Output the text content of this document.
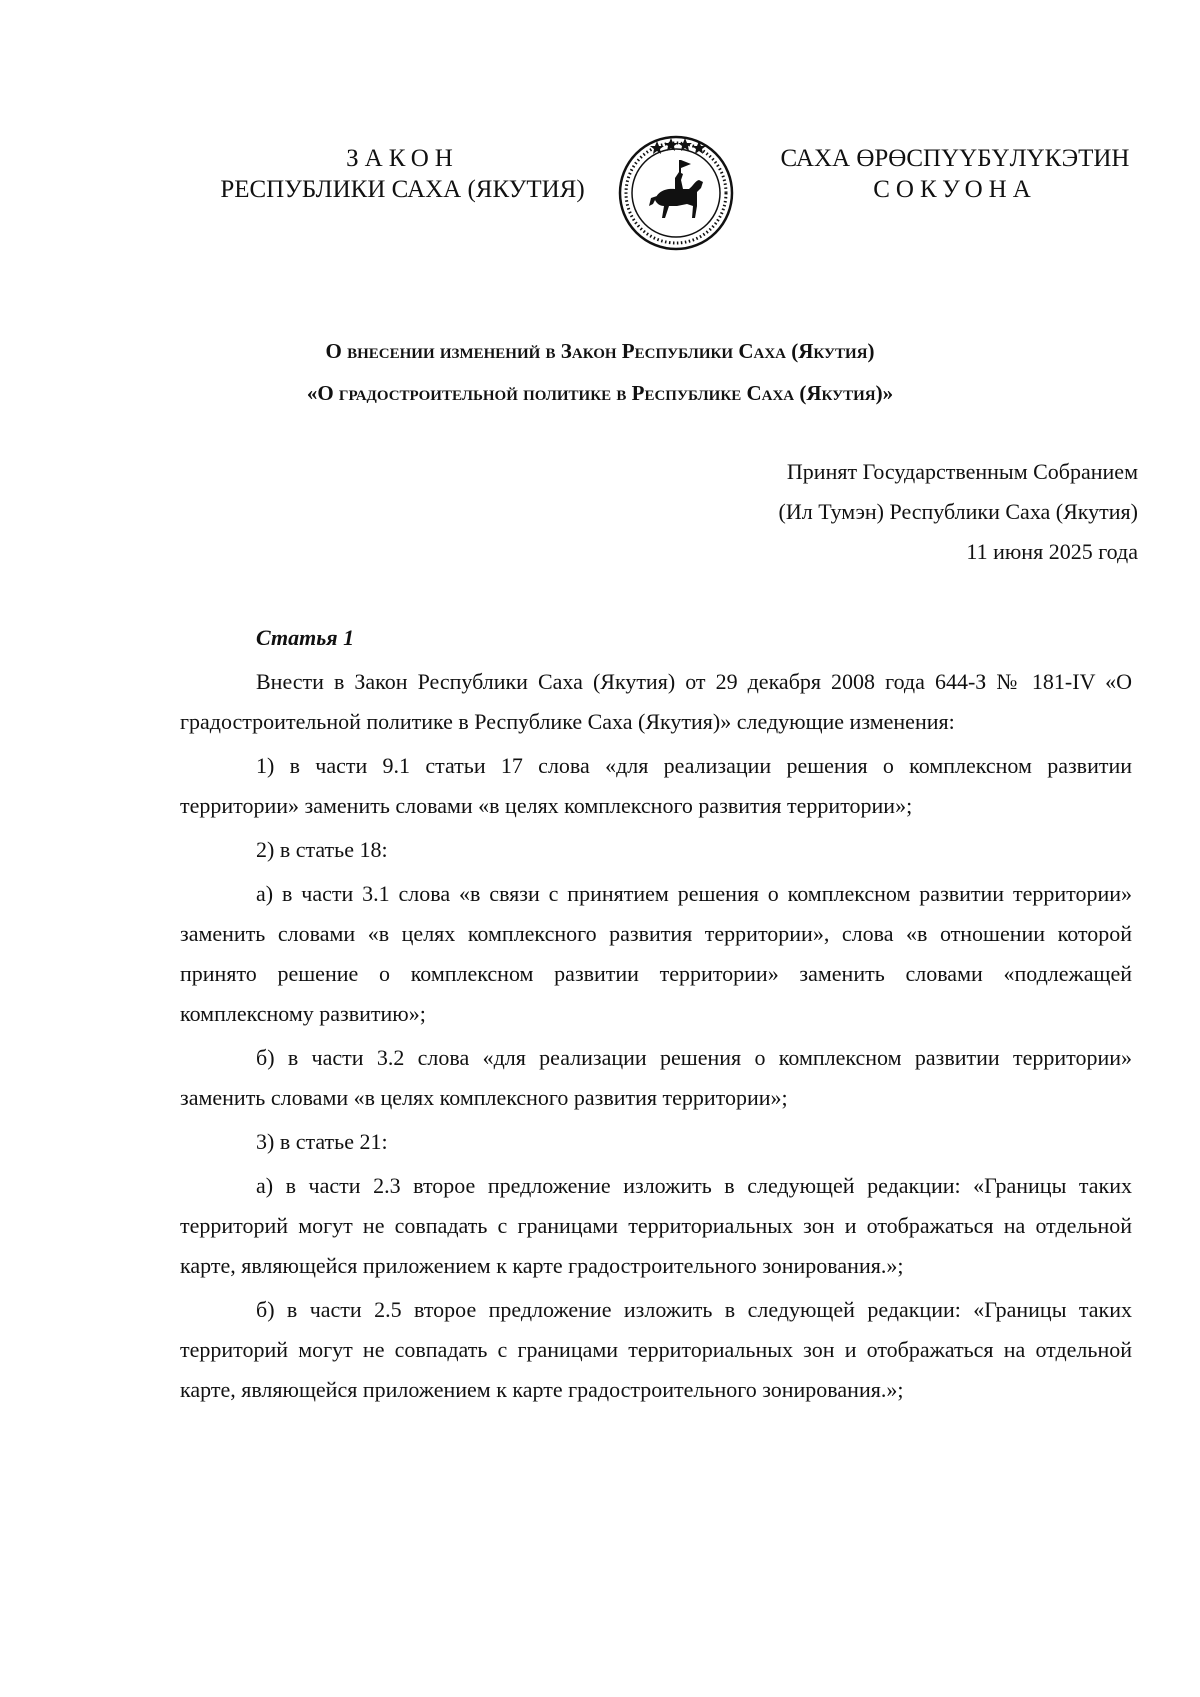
ЗАКОН
РЕСПУБЛИКИ САХА (ЯКУТИЯ)
САХА ӨРӨСПҮҮБҮЛҮКЭТИН
СОКУОНА
О внесении изменений в Закон Республики Саха (Якутия)
«О градостроительной политике в Республике Саха (Якутия)»
Принят Государственным Собранием
(Ил Тумэн) Республики Саха (Якутия)
11 июня 2025 года
Статья 1

Внести в Закон Республики Саха (Якутия) от 29 декабря 2008 года 644-З № 181-IV «О градостроительной политике в Республике Саха (Якутия)» следующие изменения:

1) в части 9.1 статьи 17 слова «для реализации решения о комплексном развитии территории» заменить словами «в целях комплексного развития территории»;

2) в статье 18:

а) в части 3.1 слова «в связи с принятием решения о комплексном развитии территории» заменить словами «в целях комплексного развития территории», слова «в отношении которой принято решение о комплексном развитии территории» заменить словами «подлежащей комплексному развитию»;

б) в части 3.2 слова «для реализации решения о комплексном развитии территории» заменить словами «в целях комплексного развития территории»;

3) в статье 21:

а) в части 2.3 второе предложение изложить в следующей редакции: «Границы таких территорий могут не совпадать с границами территориальных зон и отображаться на отдельной карте, являющейся приложением к карте градостроительного зонирования.»;

б) в части 2.5 второе предложение изложить в следующей редакции: «Границы таких территорий могут не совпадать с границами территориальных зон и отображаться на отдельной карте, являющейся приложением к карте градостроительного зонирования.»;
